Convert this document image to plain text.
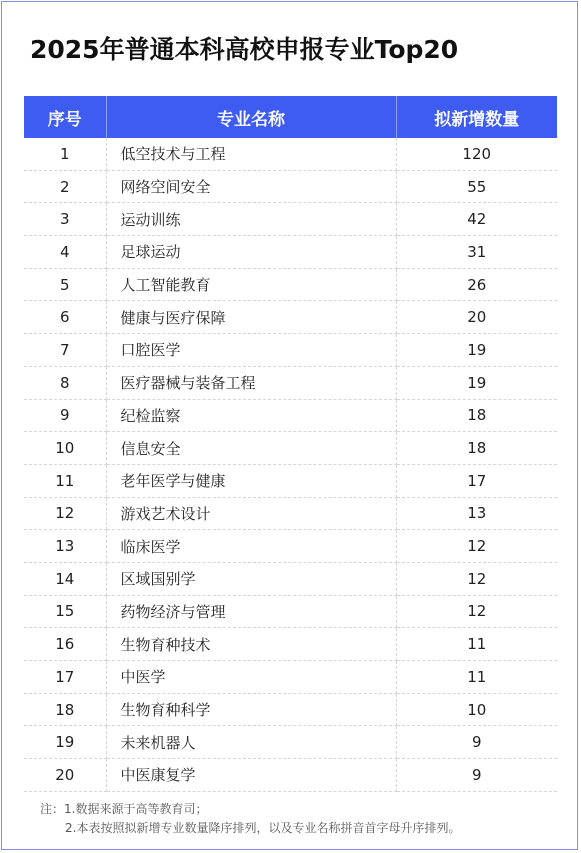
2025年普通本科高校申报专业Top20
序号	专业名称	拟新增数量
1	低空技术与工程	120
2	网络空间安全	55
3	运动训练	42
4	足球运动	31
5	人工智能教育	26
6	健康与医疗保障	20
7	口腔医学	19
8	医疗器械与装备工程	19
9	纪检监察	18
10	信息安全	18
11	老年医学与健康	17
12	游戏艺术设计	13
13	临床医学	12
14	区域国别学	12
15	药物经济与管理	12
16	生物育种技术	11
17	中医学	11
18	生物育种科学	10
19	未来机器人	9
20	中医康复学	9
注：1.数据来源于高等教育司；
2.本表按照拟新增专业数量降序排列，以及专业名称拼音首字母升序排列。
